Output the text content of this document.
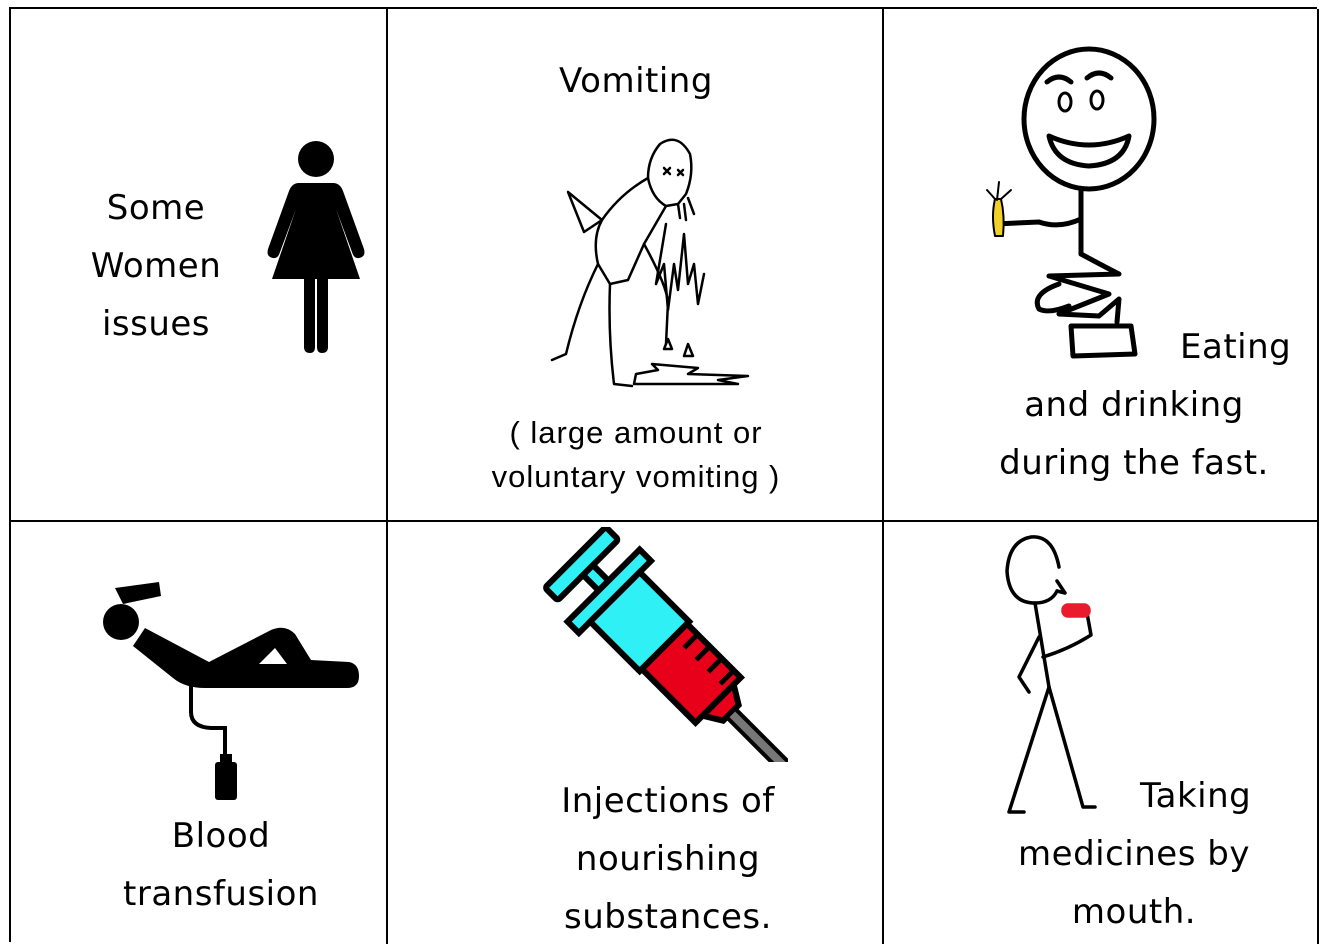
Some
Women
issues
Vomiting
( large amount or
voluntary vomiting )
Eating
and drinking
during the fast.
Blood
transfusion
Injections of
nourishing
substances.
Taking
medicines by
mouth.
